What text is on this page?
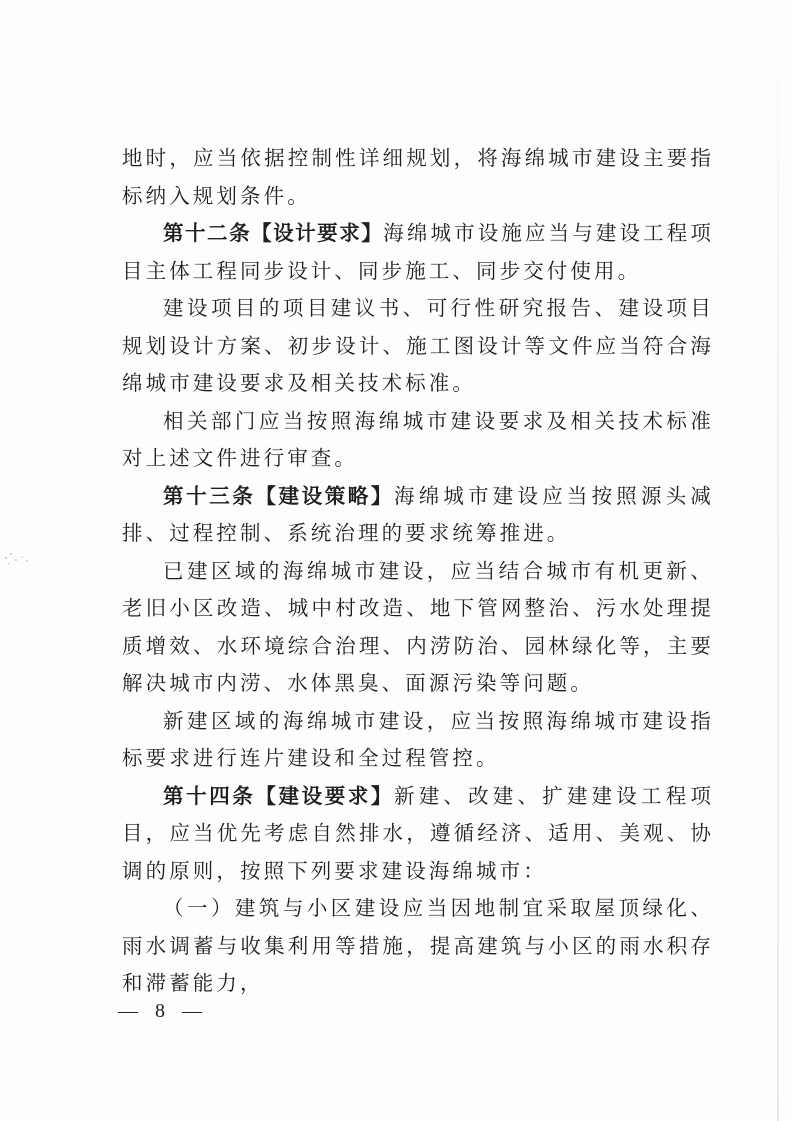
地时，应当依据控制性详细规划，将海绵城市建设主要指标纳入规划条件。

第十二条【设计要求】海绵城市设施应当与建设工程项目主体工程同步设计、同步施工、同步交付使用。

建设项目的项目建议书、可行性研究报告、建设项目规划设计方案、初步设计、施工图设计等文件应当符合海绵城市建设要求及相关技术标准。

相关部门应当按照海绵城市建设要求及相关技术标准对上述文件进行审查。

第十三条【建设策略】海绵城市建设应当按照源头减排、过程控制、系统治理的要求统筹推进。

已建区域的海绵城市建设，应当结合城市有机更新、老旧小区改造、城中村改造、地下管网整治、污水处理提质增效、水环境综合治理、内涝防治、园林绿化等，主要解决城市内涝、水体黑臭、面源污染等问题。

新建区域的海绵城市建设，应当按照海绵城市建设指标要求进行连片建设和全过程管控。

第十四条【建设要求】新建、改建、扩建建设工程项目，应当优先考虑自然排水，遵循经济、适用、美观、协调的原则，按照下列要求建设海绵城市：

（一）建筑与小区建设应当因地制宜采取屋顶绿化、雨水调蓄与收集利用等措施，提高建筑与小区的雨水积存和滞蓄能力，

— 8 —
